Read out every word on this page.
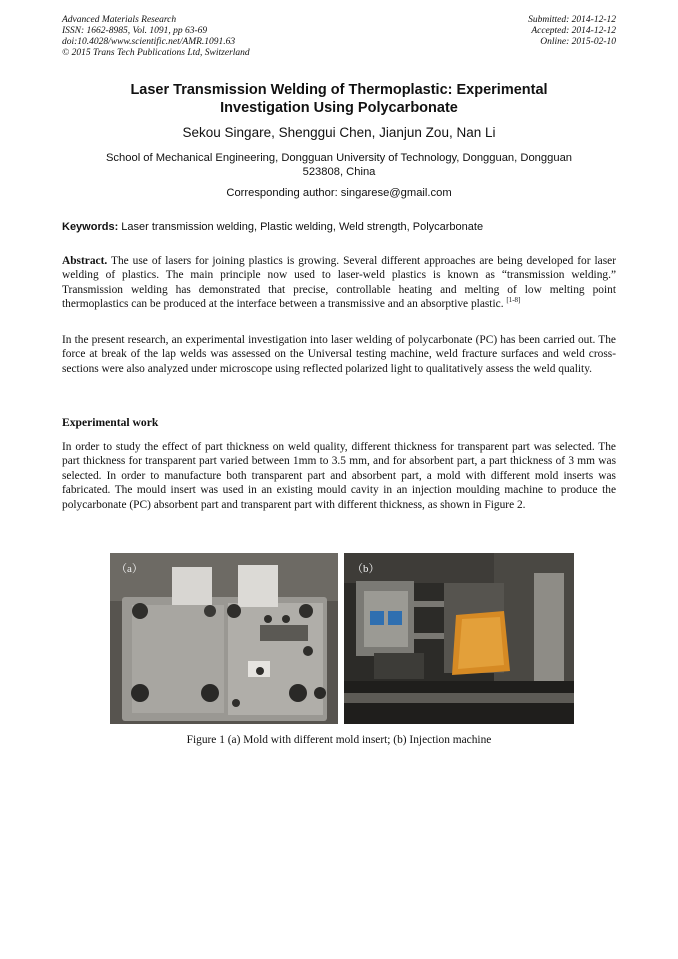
Advanced Materials Research
ISSN: 1662-8985, Vol. 1091, pp 63-69
doi:10.4028/www.scientific.net/AMR.1091.63
© 2015 Trans Tech Publications Ltd, Switzerland
Submitted: 2014-12-12
Accepted: 2014-12-12
Online: 2015-02-10
Laser Transmission Welding of Thermoplastic: Experimental
Investigation Using Polycarbonate
Sekou Singare, Shenggui Chen, Jianjun Zou, Nan Li
School of Mechanical Engineering, Dongguan University of Technology, Dongguan, Dongguan
523808, China
Corresponding author: singarese@gmail.com
Keywords: Laser transmission welding, Plastic welding, Weld strength, Polycarbonate
Abstract. The use of lasers for joining plastics is growing. Several different approaches are being developed for laser welding of plastics. The main principle now used to laser-weld plastics is known as “transmission welding.” Transmission welding has demonstrated that precise, controllable heating and melting of low melting point thermoplastics can be produced at the interface between a transmissive and an absorptive plastic. [1-8]
In the present research, an experimental investigation into laser welding of polycarbonate (PC) has been carried out. The force at break of the lap welds was assessed on the Universal testing machine, weld fracture surfaces and weld cross-sections were also analyzed under microscope using reflected polarized light to qualitatively assess the weld quality.
Experimental work
In order to study the effect of part thickness on weld quality, different thickness for transparent part was selected. The part thickness for transparent part varied between 1mm to 3.5 mm, and for absorbent part, a part thickness of 3 mm was selected. In order to manufacture both transparent part and absorbent part, a mold with different mold inserts was fabricated. The mould insert was used in an existing mould cavity in an injection moulding machine to produce the polycarbonate (PC) absorbent part and transparent part with different thickness, as shown in Figure 2.
（a）	（b）
Figure 1 (a) Mold with different mold insert; (b) Injection machine
